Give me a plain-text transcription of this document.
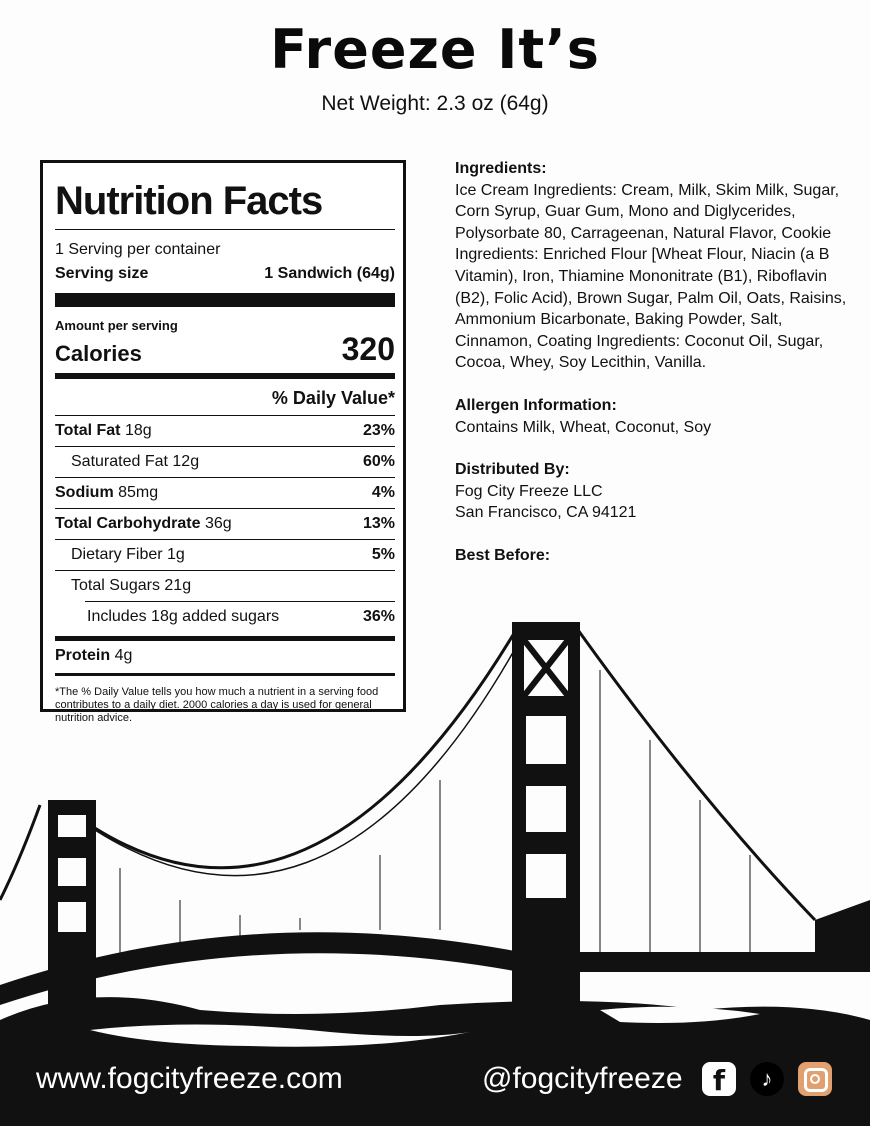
Freeze It’s
Net Weight: 2.3 oz (64g)
Nutrition Facts
1 Serving per container
Serving size	1 Sandwich (64g)
Amount per serving
Calories	320
% Daily Value*
Total Fat 18g	23%
Saturated Fat 12g	60%
Sodium 85mg	4%
Total Carbohydrate 36g	13%
Dietary Fiber 1g	5%
Total Sugars 21g
Includes 18g added sugars	36%
Protein 4g
*The % Daily Value tells you how much a nutrient in a serving food contributes to a daily diet. 2000 calories a day is used for general nutrition advice.
Ingredients:
Ice Cream Ingredients: Cream, Milk, Skim Milk, Sugar, Corn Syrup, Guar Gum, Mono and Diglycerides, Polysorbate 80, Carrageenan, Natural Flavor, Cookie Ingredients: Enriched Flour [Wheat Flour, Niacin (a B Vitamin), Iron, Thiamine Mononitrate (B1), Riboflavin (B2), Folic Acid), Brown Sugar, Palm Oil, Oats, Raisins, Ammonium Bicarbonate, Baking Powder, Salt, Cinnamon, Coating Ingredients: Coconut Oil, Sugar, Cocoa, Whey, Soy Lecithin, Vanilla.
Allergen Information:
Contains Milk, Wheat, Coconut, Soy
Distributed By:
Fog City Freeze LLC
San Francisco, CA 94121
Best Before:
www.fogcityfreeze.com	@fogcityfreeze	f	♪
